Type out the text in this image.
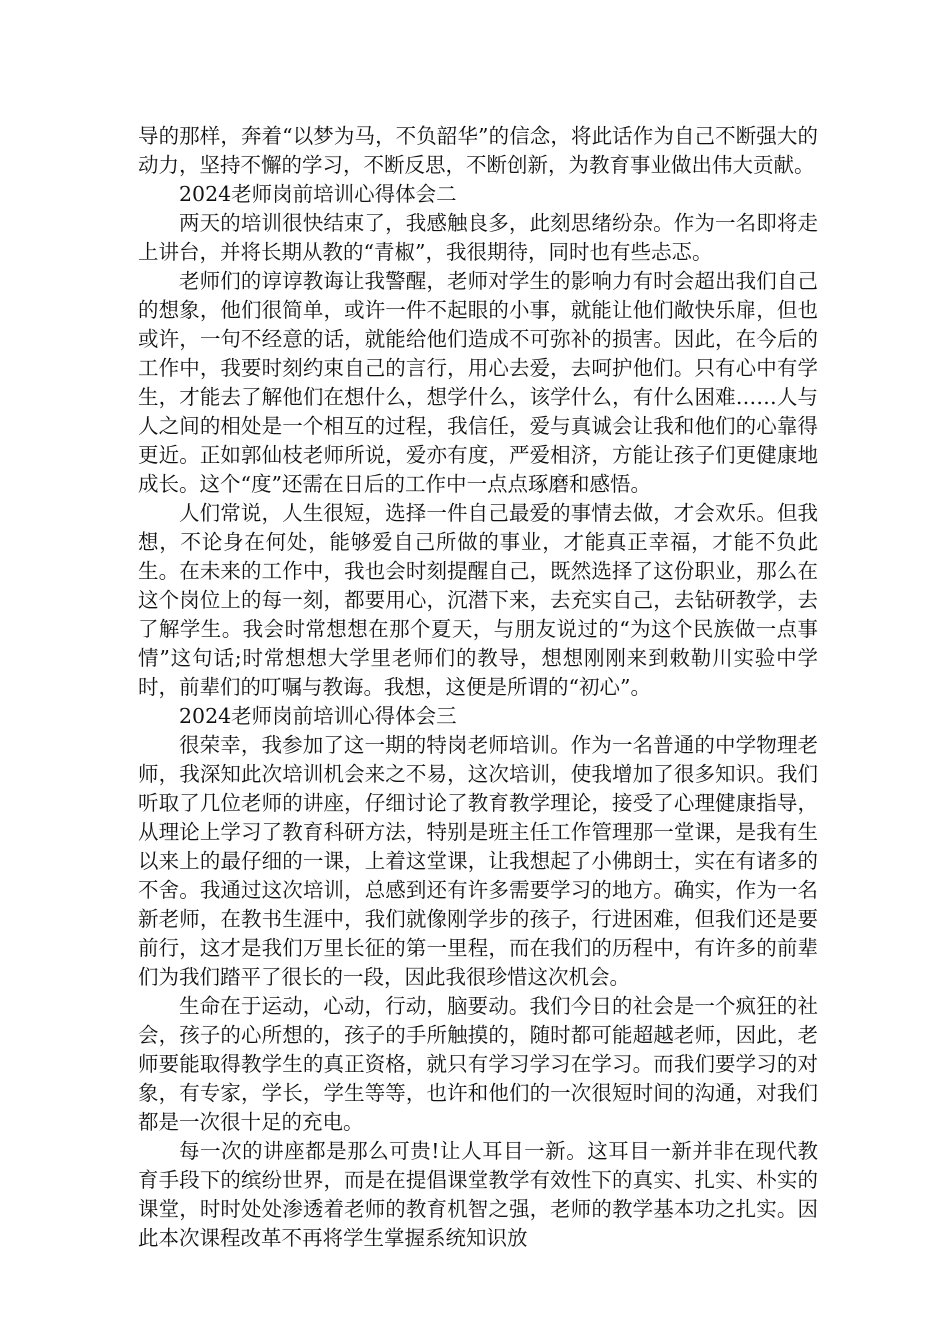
导的那样，奔着“以梦为马，不负韶华”的信念，将此话作为自己不断强大的动力，坚持不懈的学习，不断反思，不断创新，为教育事业做出伟大贡献。

2024老师岗前培训心得体会二

两天的培训很快结束了，我感触良多，此刻思绪纷杂。作为一名即将走上讲台，并将长期从教的“青椒”，我很期待，同时也有些忐忑。

老师们的谆谆教诲让我警醒，老师对学生的影响力有时会超出我们自己的想象，他们很简单，或许一件不起眼的小事，就能让他们敞快乐扉，但也或许，一句不经意的话，就能给他们造成不可弥补的损害。因此，在今后的工作中，我要时刻约束自己的言行，用心去爱，去呵护他们。只有心中有学生，才能去了解他们在想什么，想学什么，该学什么，有什么困难……人与人之间的相处是一个相互的过程，我信任，爱与真诚会让我和他们的心靠得更近。正如郭仙枝老师所说，爱亦有度，严爱相济，方能让孩子们更健康地成长。这个“度”还需在日后的工作中一点点琢磨和感悟。

人们常说，人生很短，选择一件自己最爱的事情去做，才会欢乐。但我想，不论身在何处，能够爱自己所做的事业，才能真正幸福，才能不负此生。在未来的工作中，我也会时刻提醒自己，既然选择了这份职业，那么在这个岗位上的每一刻，都要用心，沉潜下来，去充实自己，去钻研教学，去了解学生。我会时常想想在那个夏天，与朋友说过的“为这个民族做一点事情”这句话;时常想想大学里老师们的教导，想想刚刚来到敕勒川实验中学时，前辈们的叮嘱与教诲。我想，这便是所谓的“初心”。

2024老师岗前培训心得体会三

很荣幸，我参加了这一期的特岗老师培训。作为一名普通的中学物理老师，我深知此次培训机会来之不易，这次培训，使我增加了很多知识。我们听取了几位老师的讲座，仔细讨论了教育教学理论，接受了心理健康指导，从理论上学习了教育科研方法，特别是班主任工作管理那一堂课，是我有生以来上的最仔细的一课，上着这堂课，让我想起了小佛朗士，实在有诸多的不舍。我通过这次培训，总感到还有许多需要学习的地方。确实，作为一名新老师，在教书生涯中，我们就像刚学步的孩子，行进困难，但我们还是要前行，这才是我们万里长征的第一里程，而在我们的历程中，有许多的前辈们为我们踏平了很长的一段，因此我很珍惜这次机会。

生命在于运动，心动，行动，脑要动。我们今日的社会是一个疯狂的社会，孩子的心所想的，孩子的手所触摸的，随时都可能超越老师，因此，老师要能取得教学生的真正资格，就只有学习学习在学习。而我们要学习的对象，有专家，学长，学生等等，也许和他们的一次很短时间的沟通，对我们都是一次很十足的充电。

每一次的讲座都是那么可贵!让人耳目一新。这耳目一新并非在现代教育手段下的缤纷世界，而是在提倡课堂教学有效性下的真实、扎实、朴实的课堂，时时处处渗透着老师的教育机智之强，老师的教学基本功之扎实。因此本次课程改革不再将学生掌握系统知识放
